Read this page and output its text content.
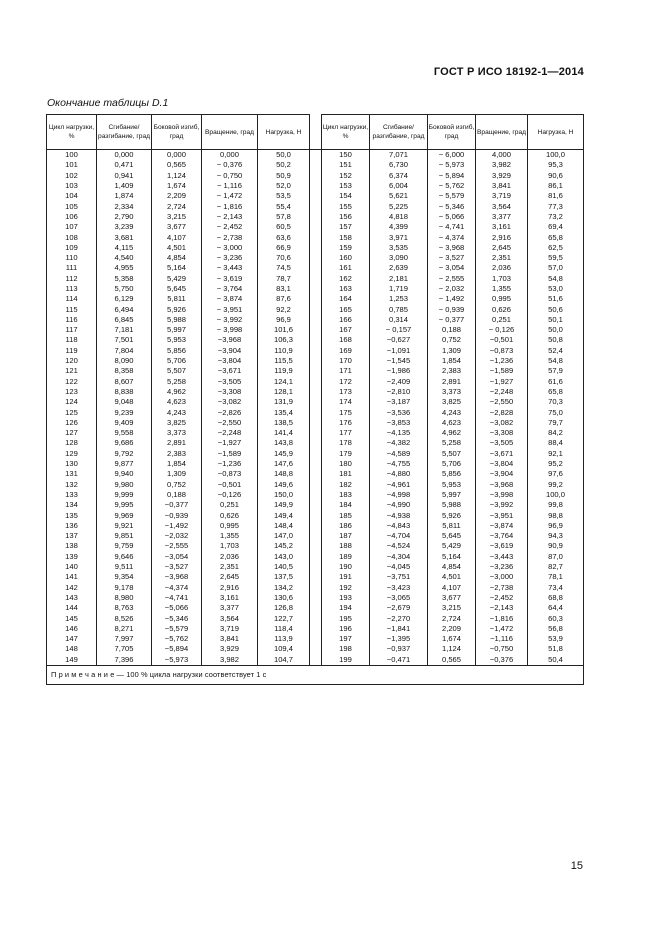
ГОСТ Р ИСО 18192-1—2014
Окончание таблицы D.1
Цикл нагрузки, %	Сгибание/ разгибание, град	Боковой изгиб, град	Вращение, град	Нагрузка, Н		Цикл нагрузки, %	Сгибание/ разгибание, град	Боковой изгиб, град	Вращение, град	Нагрузка, Н
100	0,000	0,000	0,000	50,0		150	7,071	− 6,000	4,000	100,0
101	0,471	0,565	− 0,376	50,2		151	6,730	− 5,973	3,982	95,3
102	0,941	1,124	− 0,750	50,9		152	6,374	− 5,894	3,929	90,6
103	1,409	1,674	− 1,116	52,0		153	6,004	− 5,762	3,841	86,1
104	1,874	2,209	− 1,472	53,5		154	5,621	− 5,579	3,719	81,6
105	2,334	2,724	− 1,816	55,4		155	5,225	− 5,346	3,564	77,3
106	2,790	3,215	− 2,143	57,8		156	4,818	− 5,066	3,377	73,2
107	3,239	3,677	− 2,452	60,5		157	4,399	− 4,741	3,161	69,4
108	3,681	4,107	− 2,738	63,6		158	3,971	− 4,374	2,916	65,8
109	4,115	4,501	− 3,000	66,9		159	3,535	− 3,968	2,645	62,5
110	4,540	4,854	− 3,236	70,6		160	3,090	− 3,527	2,351	59,5
111	4,955	5,164	− 3,443	74,5		161	2,639	− 3,054	2,036	57,0
112	5,358	5,429	− 3,619	78,7		162	2,181	− 2,555	1,703	54,8
113	5,750	5,645	− 3,764	83,1		163	1,719	− 2,032	1,355	53,0
114	6,129	5,811	− 3,874	87,6		164	1,253	− 1,492	0,995	51,6
115	6,494	5,926	− 3,951	92,2		165	0,785	− 0,939	0,626	50,6
116	6,845	5,988	− 3,992	96,9		166	0,314	− 0,377	0,251	50,1
117	7,181	5,997	− 3,998	101,6		167	− 0,157	0,188	− 0,126	50,0
118	7,501	5,953	−3,968	106,3		168	−0,627	0,752	−0,501	50,8
119	7,804	5,856	−3,904	110,9		169	−1,091	1,309	−0,873	52,4
120	8,090	5,706	−3,804	115,5		170	−1,545	1,854	−1,236	54,8
121	8,358	5,507	−3,671	119,9		171	−1,986	2,383	−1,589	57,9
122	8,607	5,258	−3,505	124,1		172	−2,409	2,891	−1,927	61,6
123	8,838	4,962	−3,308	128,1		173	−2,810	3,373	−2,248	65,8
124	9,048	4,623	−3,082	131,9		174	−3,187	3,825	−2,550	70,3
125	9,239	4,243	−2,826	135,4		175	−3,536	4,243	−2,828	75,0
126	9,409	3,825	−2,550	138,5		176	−3,853	4,623	−3,082	79,7
127	9,558	3,373	−2,248	141,4		177	−4,135	4,962	−3,308	84,2
128	9,686	2,891	−1,927	143,8		178	−4,382	5,258	−3,505	88,4
129	9,792	2,383	−1,589	145,9		179	−4,589	5,507	−3,671	92,1
130	9,877	1,854	−1,236	147,6		180	−4,755	5,706	−3,804	95,2
131	9,940	1,309	−0,873	148,8		181	−4,880	5,856	−3,904	97,6
132	9,980	0,752	−0,501	149,6		182	−4,961	5,953	−3,968	99,2
133	9,999	0,188	−0,126	150,0		183	−4,998	5,997	−3,998	100,0
134	9,995	−0,377	0,251	149,9		184	−4,990	5,988	−3,992	99,8
135	9,969	−0,939	0,626	149,4		185	−4,938	5,926	−3,951	98,8
136	9,921	−1,492	0,995	148,4		186	−4,843	5,811	−3,874	96,9
137	9,851	−2,032	1,355	147,0		187	−4,704	5,645	−3,764	94,3
138	9,759	−2,555	1,703	145,2		188	−4,524	5,429	−3,619	90,9
139	9,646	−3,054	2,036	143,0		189	−4,304	5,164	−3,443	87,0
140	9,511	−3,527	2,351	140,5		190	−4,045	4,854	−3,236	82,7
141	9,354	−3,968	2,645	137,5		191	−3,751	4,501	−3,000	78,1
142	9,178	−4,374	2,916	134,2		192	−3,423	4,107	−2,738	73,4
143	8,980	−4,741	3,161	130,6		193	−3,065	3,677	−2,452	68,8
144	8,763	−5,066	3,377	126,8		194	−2,679	3,215	−2,143	64,4
145	8,526	−5,346	3,564	122,7		195	−2,270	2,724	−1,816	60,3
146	8,271	−5,579	3,719	118,4		196	−1,841	2,209	−1,472	56,8
147	7,997	−5,762	3,841	113,9		197	−1,395	1,674	−1,116	53,9
148	7,705	−5,894	3,929	109,4		198	−0,937	1,124	−0,750	51,8
149	7,396	−5,973	3,982	104,7		199	−0,471	0,565	−0,376	50,4
П р и м е ч а н и е — 100 % цикла нагрузки соответствует 1 с										
15
